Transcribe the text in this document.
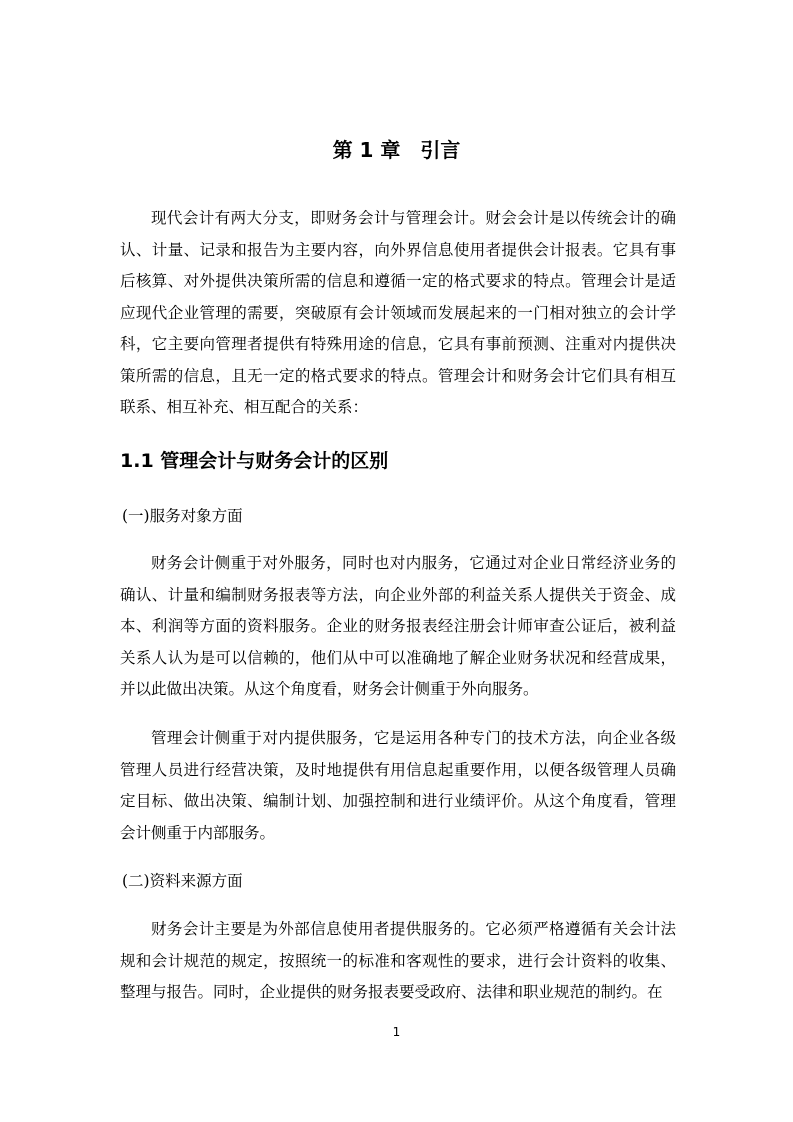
第 1 章　引言

现代会计有两大分支，即财务会计与管理会计。财会会计是以传统会计的确认、计量、记录和报告为主要内容，向外界信息使用者提供会计报表。它具有事后核算、对外提供决策所需的信息和遵循一定的格式要求的特点。管理会计是适应现代企业管理的需要，突破原有会计领域而发展起来的一门相对独立的会计学科，它主要向管理者提供有特殊用途的信息，它具有事前预测、注重对内提供决策所需的信息，且无一定的格式要求的特点。管理会计和财务会计它们具有相互联系、相互补充、相互配合的关系：

1.1 管理会计与财务会计的区别

(一)服务对象方面

财务会计侧重于对外服务，同时也对内服务，它通过对企业日常经济业务的确认、计量和编制财务报表等方法，向企业外部的利益关系人提供关于资金、成本、利润等方面的资料服务。企业的财务报表经注册会计师审查公证后，被利益关系人认为是可以信赖的，他们从中可以准确地了解企业财务状况和经营成果，并以此做出决策。从这个角度看，财务会计侧重于外向服务。

管理会计侧重于对内提供服务，它是运用各种专门的技术方法，向企业各级管理人员进行经营决策，及时地提供有用信息起重要作用，以便各级管理人员确定目标、做出决策、编制计划、加强控制和进行业绩评价。从这个角度看，管理会计侧重于内部服务。

(二)资料来源方面

财务会计主要是为外部信息使用者提供服务的。它必须严格遵循有关会计法规和会计规范的规定，按照统一的标准和客观性的要求，进行会计资料的收集、整理与报告。同时，企业提供的财务报表要受政府、法律和职业规范的制约。在

1
